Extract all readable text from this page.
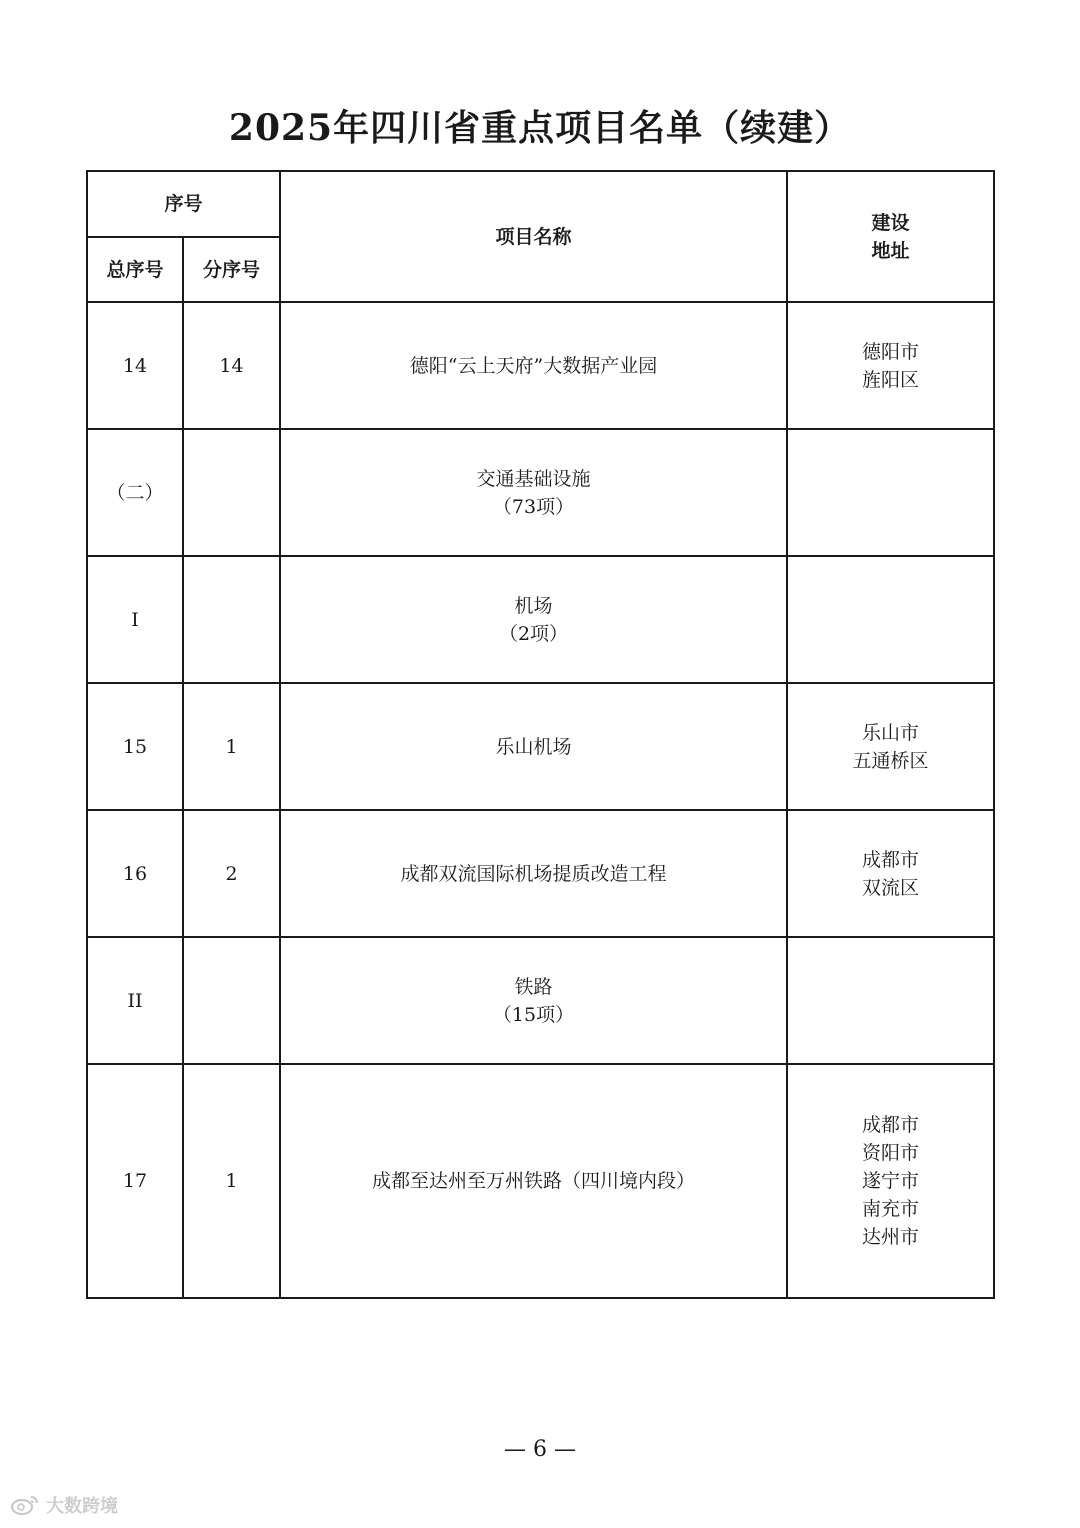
2025年四川省重点项目名单（续建）
序号		项目名称	建设
地址

总序号	分序号		
14	14	德阳“云上天府”大数据产业园	德阳市
旌阳区

（二）		交通基础设施
（73项）	

I		机场
（2项）	

15	1	乐山机场	乐山市
五通桥区

16	2	成都双流国际机场提质改造工程	成都市
双流区

II		铁路
（15项）	

17	1	成都至达州至万州铁路（四川境内段）	成都市
资阳市
遂宁市
南充市
达州市
— 6 —
大数跨境
